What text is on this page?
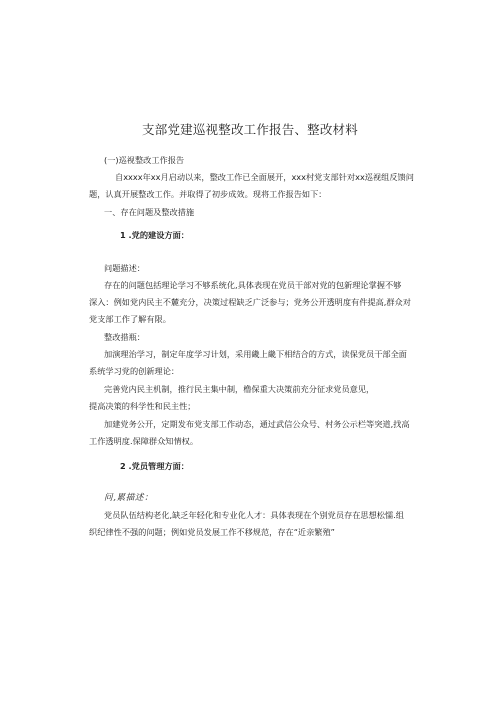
支部党建巡视整改工作报告、整改材料
(一)巡视整改工作报告
自xxxx年xx月启动以来，整改工作已全面展开，xxx村党支部针对xx巡视组反馈问
题，认真开展整改工作。并取得了初步成效。现将工作报告如下：
一、存在问题及整改措施
1 .党的建设方面：
问题描述：
存在的问题包括理论学习不够系统化,具体表现在党员干部对党的包新理论掌握不够
深入：例如党内民主不麓充分，决策过程缺乏广泛参与；党务公开透明度有件提高,群众对
党支部工作了解有限。
整改措瓶：
加演理治学习，制定年度学习计划，采用畿上畿下相结合的方式，读保党员干部全面
系统学习党的创新理论：
完善党内民主机制，推行民主集中制，橹保重大决策前充分征求党员意见，
提高决策的科学性和民主性；
加建党务公开，定期发布党支部工作动态，通过武信公众号、村务公示栏等突道,找高
工作透明度.保障群众知情权。
2 .党员管理方面：
问,累描述：
党员队伍结构老化,缺乏年轻化和专业化人才：具体表现在个别党员存在思想松懦.组
织纪律性不强的问题；例如党员发展工作不移规范，存在“近亲繁殖”
